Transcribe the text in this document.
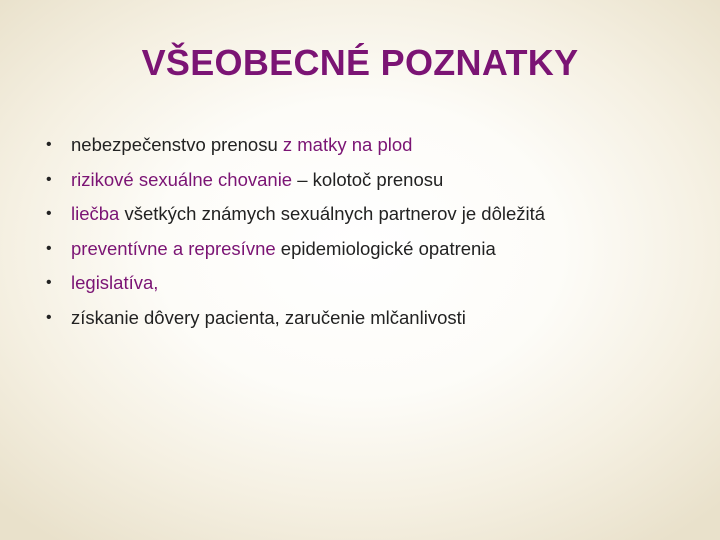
VŠEOBECNÉ POZNATKY
• nebezpečenstvo prenosu z matky na plod
• rizikové sexuálne chovanie – kolotoč prenosu
• liečba všetkých známych sexuálnych partnerov je dôležitá
• preventívne a represívne epidemiologické opatrenia
• legislatíva,
• získanie dôvery pacienta, zaručenie mlčanlivosti
